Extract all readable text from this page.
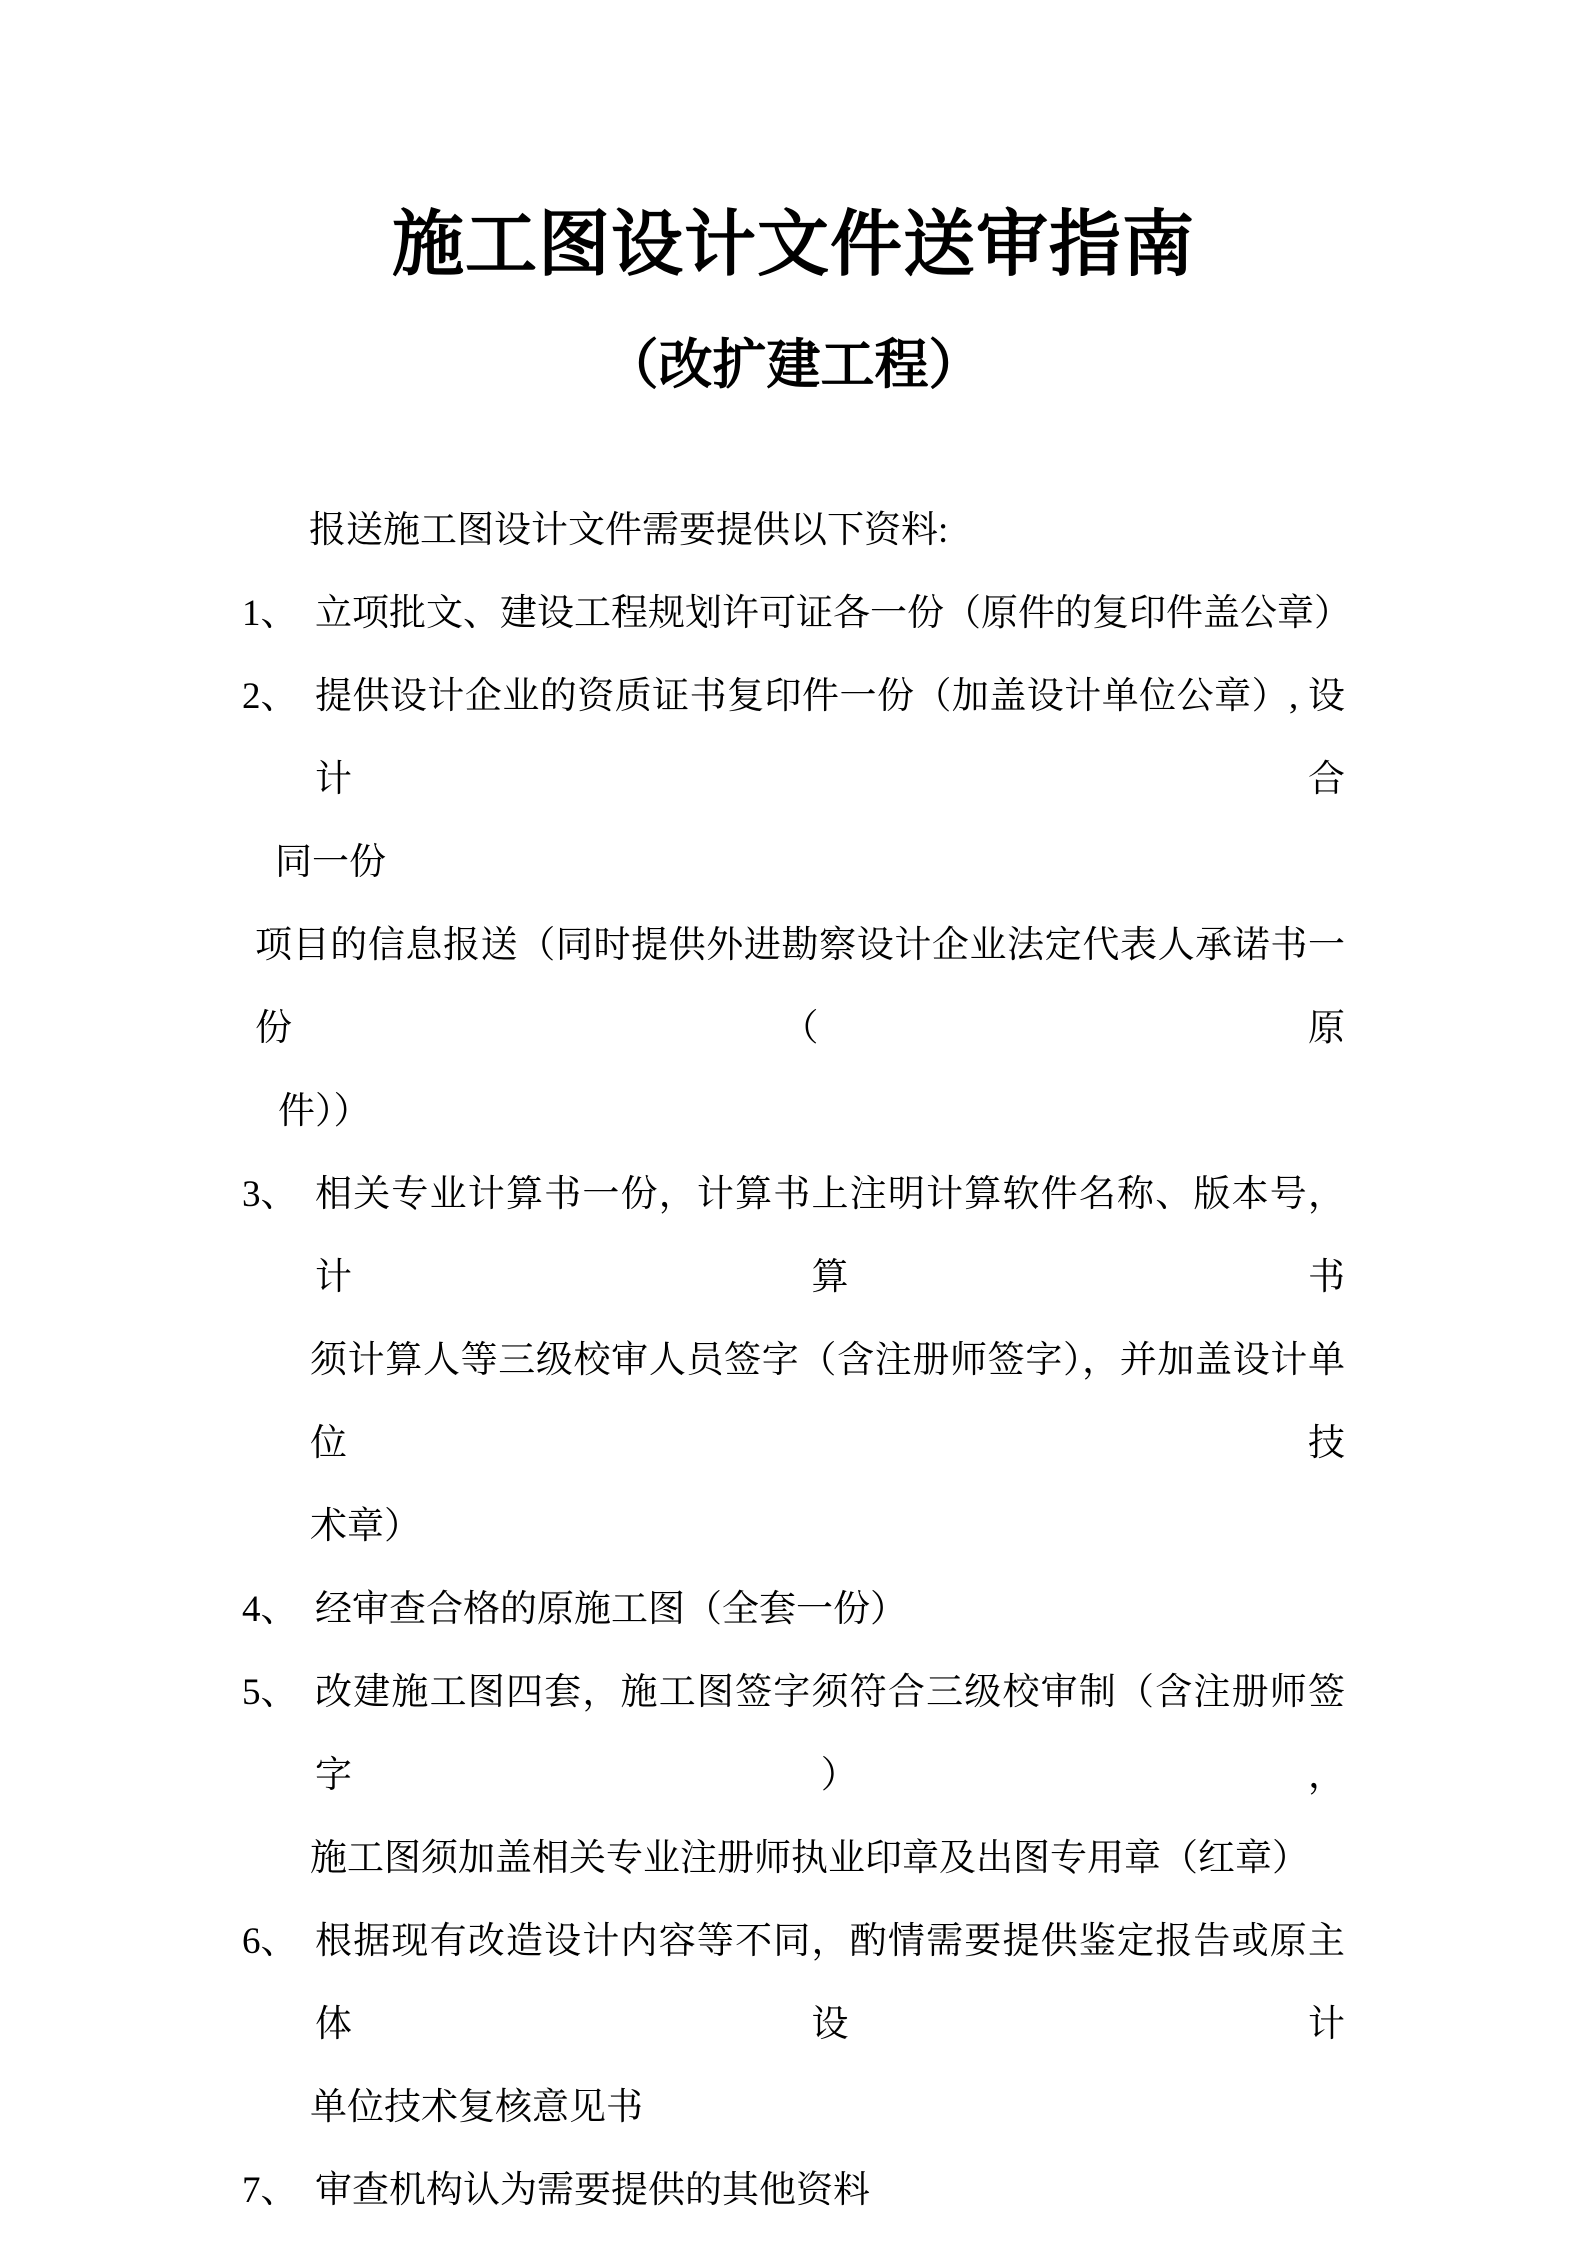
施工图设计文件送审指南
（改扩建工程）
报送施工图设计文件需要提供以下资料:
1、 立项批文、建设工程规划许可证各一份（原件的复印件盖公章）
2、 提供设计企业的资质证书复印件一份（加盖设计单位公章）, 设计合
同一份
项目的信息报送（同时提供外进勘察设计企业法定代表人承诺书一份（原
件））
3、 相关专业计算书一份，计算书上注明计算软件名称、版本号，计算书
须计算人等三级校审人员签字（含注册师签字），并加盖设计单位技
术章）
4、 经审查合格的原施工图（全套一份）
5、 改建施工图四套，施工图签字须符合三级校审制（含注册师签字），
施工图须加盖相关专业注册师执业印章及出图专用章（红章）
6、 根据现有改造设计内容等不同，酌情需要提供鉴定报告或原主体设计
单位技术复核意见书
7、 审查机构认为需要提供的其他资料
